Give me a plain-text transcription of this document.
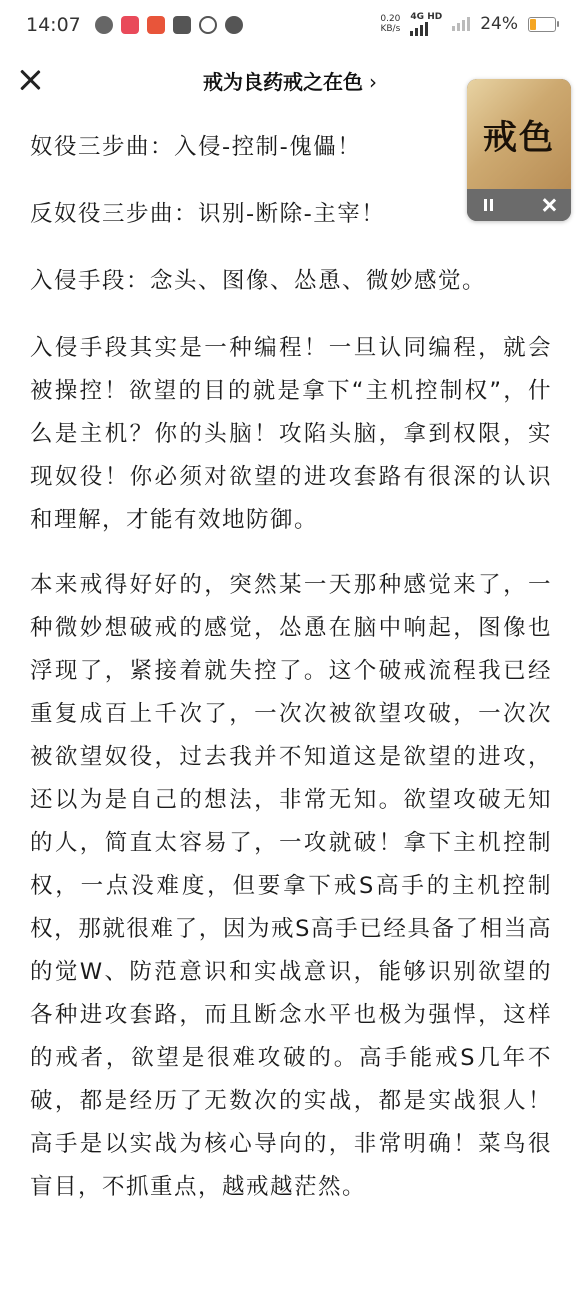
14:07	0.20
KB/s
4G HD 24%
戒为良药戒之在色 ›
戒色

奴役三步曲：入侵-控制-傀儡！

反奴役三步曲：识别-断除-主宰！

入侵手段：念头、图像、怂恿、微妙感觉。

入侵手段其实是一种编程！一旦认同编程，就会被操控！欲望的目的就是拿下“主机控制权”，什么是主机？你的头脑！攻陷头脑，拿到权限，实现奴役！你必须对欲望的进攻套路有很深的认识和理解，才能有效地防御。

本来戒得好好的，突然某一天那种感觉来了，一种微妙想破戒的感觉，怂恿在脑中响起，图像也浮现了，紧接着就失控了。这个破戒流程我已经重复成百上千次了，一次次被欲望攻破，一次次被欲望奴役，过去我并不知道这是欲望的进攻，还以为是自己的想法，非常无知。欲望攻破无知的人，简直太容易了，一攻就破！拿下主机控制权，一点没难度，但要拿下戒S高手的主机控制权，那就很难了，因为戒S高手已经具备了相当高的觉W、防范意识和实战意识，能够识别欲望的各种进攻套路，而且断念水平也极为强悍，这样的戒者，欲望是很难攻破的。高手能戒S几年不破，都是经历了无数次的实战，都是实战狠人！高手是以实战为核心导向的，非常明确！菜鸟很盲目，不抓重点，越戒越茫然。
